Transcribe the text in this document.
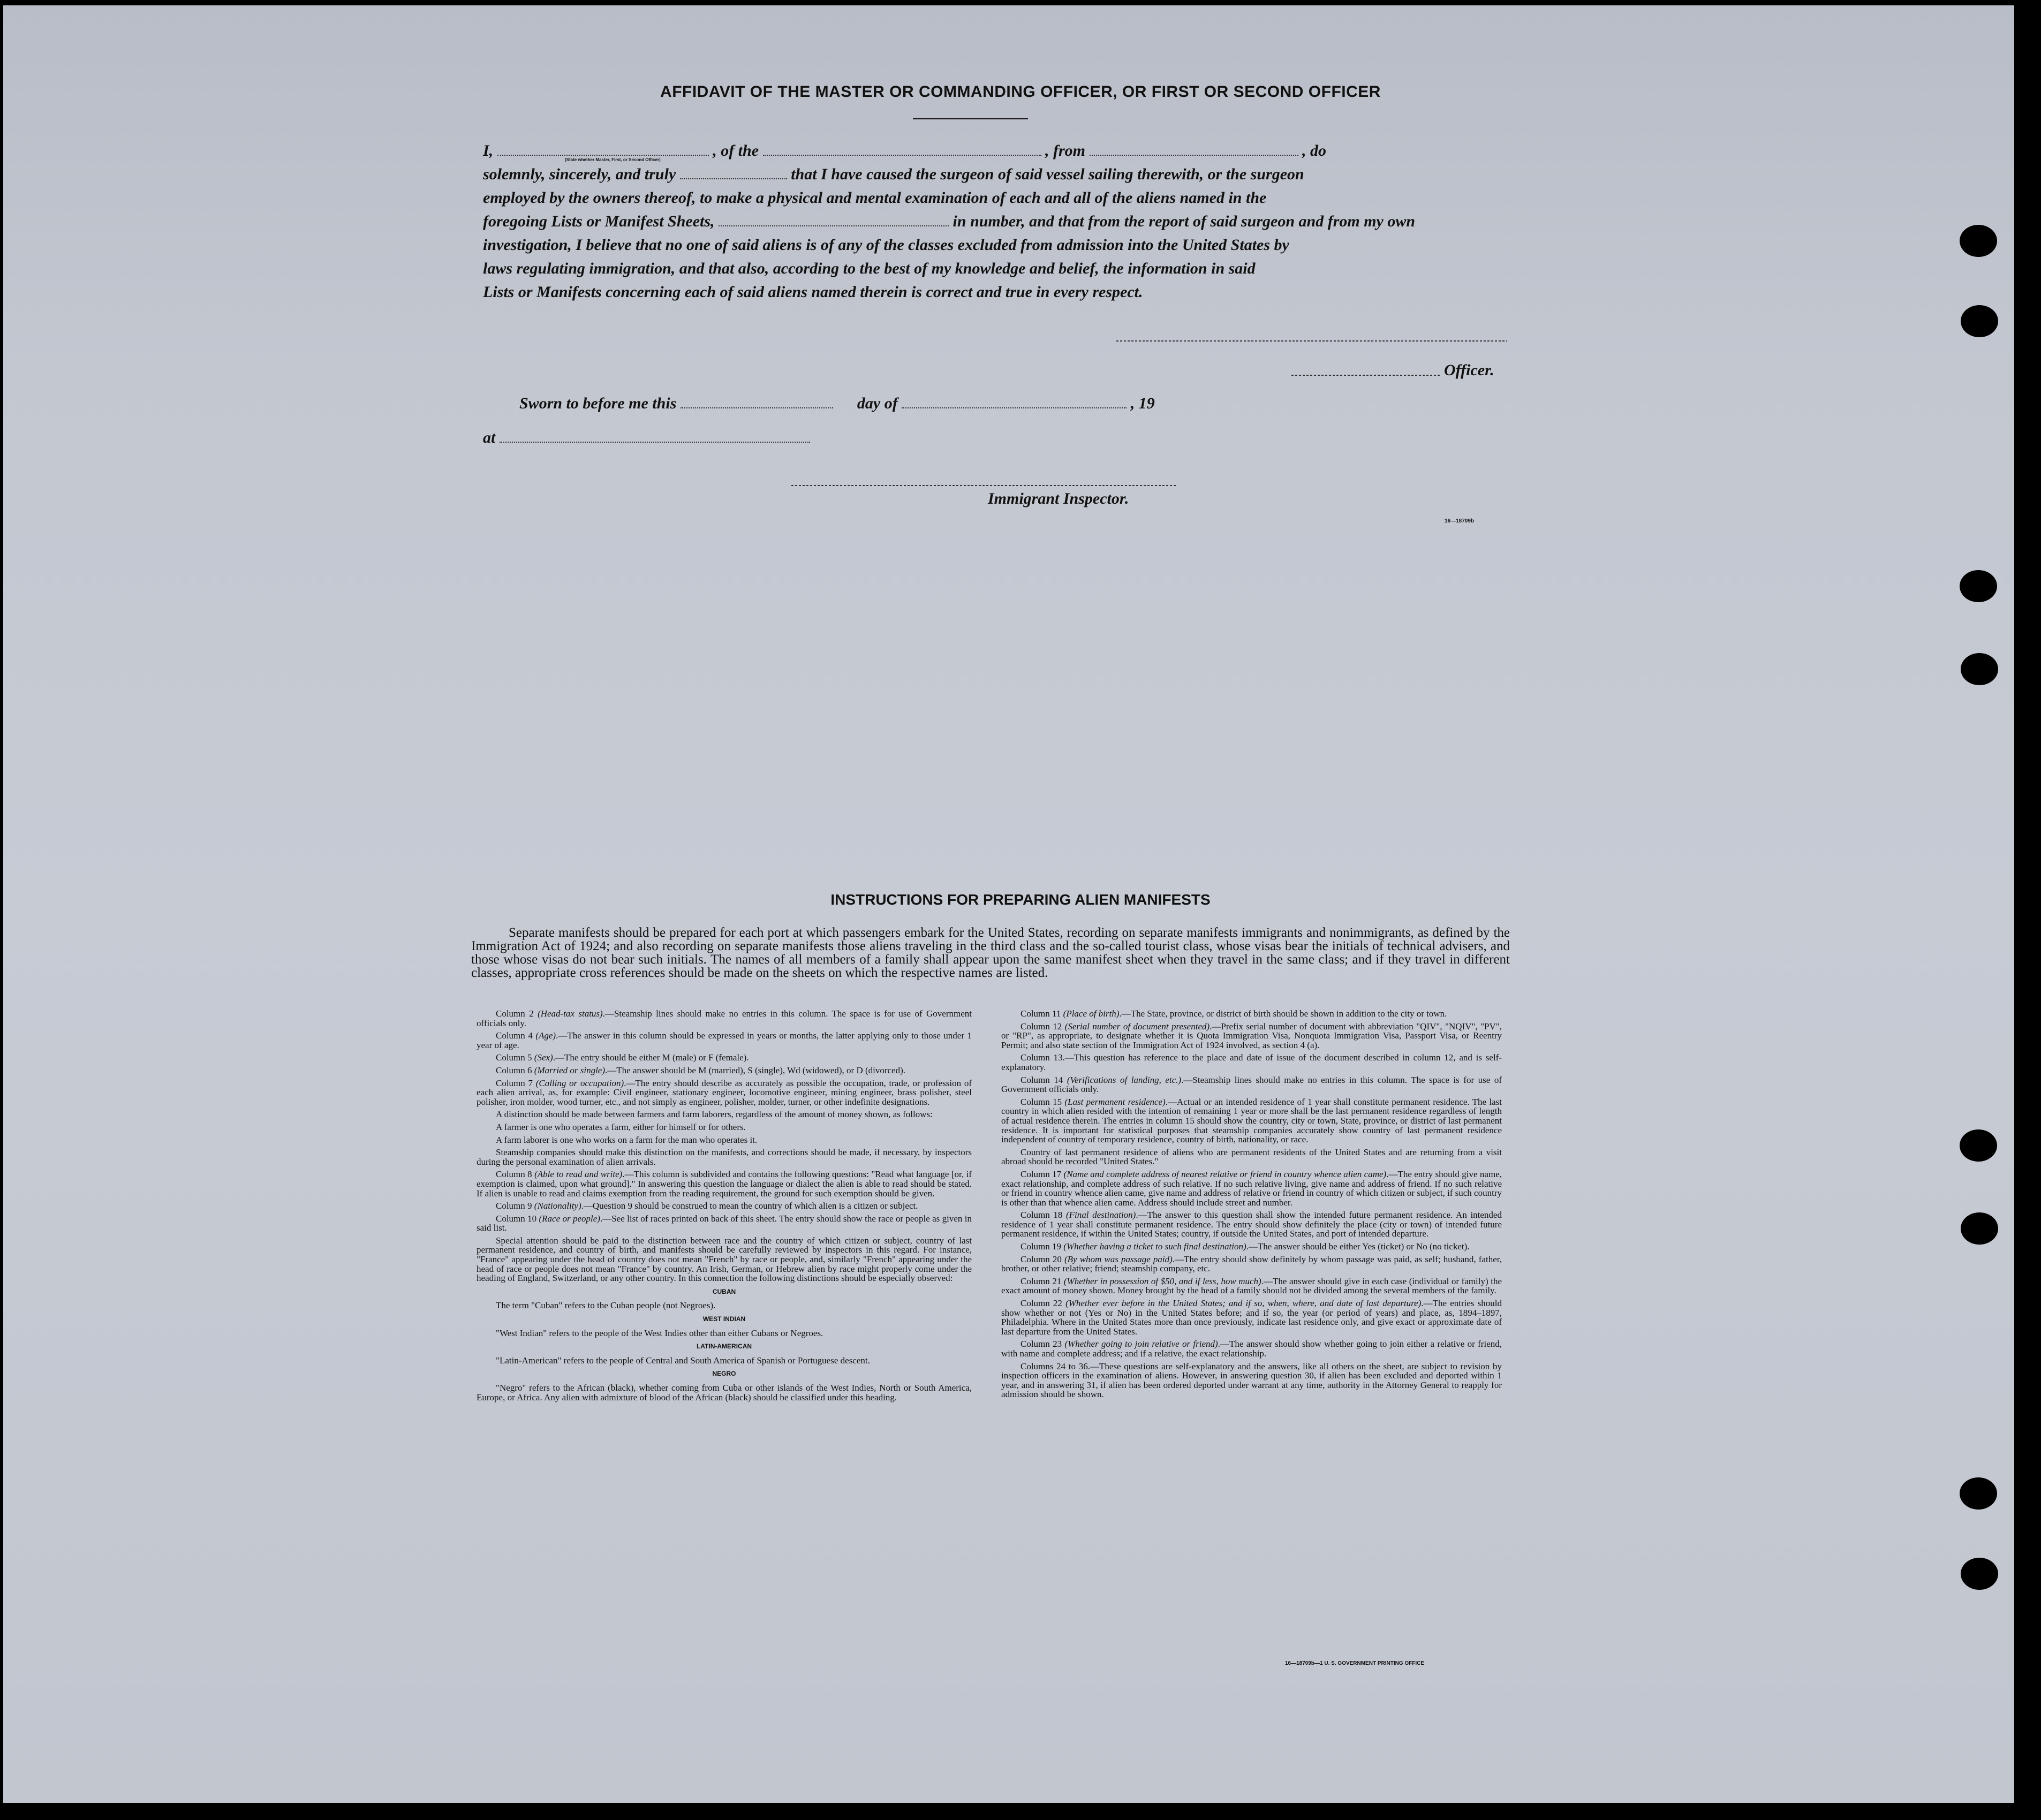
AFFIDAVIT OF THE MASTER OR COMMANDING OFFICER, OR FIRST OR SECOND OFFICER
I,	, of the	, from	, do
(State whether Master, First, or Second Officer)
solemnly, sincerely, and truly	that I have caused the surgeon of said vessel sailing therewith, or the surgeon
employed by the owners thereof, to make a physical and mental examination of each and all of the aliens named in the
foregoing Lists or Manifest Sheets,	in number, and that from the report of said surgeon and from my own
investigation, I believe that no one of said aliens is of any of the classes excluded from admission into the United States by
laws regulating immigration, and that also, according to the best of my knowledge and belief, the information in said
Lists or Manifests concerning each of said aliens named therein is correct and true in every respect.
Officer.
Sworn to before me this	day of	, 19
at
Immigrant Inspector.
16—18709b
INSTRUCTIONS FOR PREPARING ALIEN MANIFESTS
Separate manifests should be prepared for each port at which passengers embark for the United States, recording on separate manifests immigrants and nonimmigrants, as defined by the Immigration Act of 1924; and also recording on separate manifests those aliens traveling in the third class and the so-called tourist class, whose visas bear the initials of technical advisers, and those whose visas do not bear such initials. The names of all members of a family shall appear upon the same manifest sheet when they travel in the same class; and if they travel in different classes, appropriate cross references should be made on the sheets on which the respective names are listed.

Column 2 (Head-tax status).—Steamship lines should make no entries in this column. The space is for use of Government officials only.

Column 4 (Age).—The answer in this column should be expressed in years or months, the latter applying only to those under 1 year of age.

Column 5 (Sex).—The entry should be either M (male) or F (female).

Column 6 (Married or single).—The answer should be M (married), S (single), Wd (widowed), or D (divorced).

Column 7 (Calling or occupation).—The entry should describe as accurately as possible the occupation, trade, or profession of each alien arrival, as, for example: Civil engineer, stationary engineer, locomotive engineer, mining engineer, brass polisher, steel polisher, iron molder, wood turner, etc., and not simply as engineer, polisher, molder, turner, or other indefinite designations.

A distinction should be made between farmers and farm laborers, regardless of the amount of money shown, as follows:

A farmer is one who operates a farm, either for himself or for others.

A farm laborer is one who works on a farm for the man who operates it.

Steamship companies should make this distinction on the manifests, and corrections should be made, if necessary, by inspectors during the personal examination of alien arrivals.

Column 8 (Able to read and write).—This column is subdivided and contains the following questions: "Read what language [or, if exemption is claimed, upon what ground]." In answering this question the language or dialect the alien is able to read should be stated. If alien is unable to read and claims exemption from the reading requirement, the ground for such exemption should be given.

Column 9 (Nationality).—Question 9 should be construed to mean the country of which alien is a citizen or subject.

Column 10 (Race or people).—See list of races printed on back of this sheet. The entry should show the race or people as given in said list.

Special attention should be paid to the distinction between race and the country of which citizen or subject, country of last permanent residence, and country of birth, and manifests should be carefully reviewed by inspectors in this regard. For instance, "France" appearing under the head of country does not mean "French" by race or people, and, similarly "French" appearing under the head of race or people does not mean "France" by country. An Irish, German, or Hebrew alien by race might properly come under the heading of England, Switzerland, or any other country. In this connection the following distinctions should be especially observed:

CUBAN

The term "Cuban" refers to the Cuban people (not Negroes).

WEST INDIAN

"West Indian" refers to the people of the West Indies other than either Cubans or Negroes.

LATIN-AMERICAN

"Latin-American" refers to the people of Central and South America of Spanish or Portuguese descent.

NEGRO

"Negro" refers to the African (black), whether coming from Cuba or other islands of the West Indies, North or South America, Europe, or Africa. Any alien with admixture of blood of the African (black) should be classified under this heading.

Column 11 (Place of birth).—The State, province, or district of birth should be shown in addition to the city or town.

Column 12 (Serial number of document presented).—Prefix serial number of document with abbreviation "QIV", "NQIV", "PV", or "RP", as appropriate, to designate whether it is Quota Immigration Visa, Nonquota Immigration Visa, Passport Visa, or Reentry Permit; and also state section of the Immigration Act of 1924 involved, as section 4 (a).

Column 13.—This question has reference to the place and date of issue of the document described in column 12, and is self-explanatory.

Column 14 (Verifications of landing, etc.).—Steamship lines should make no entries in this column. The space is for use of Government officials only.

Column 15 (Last permanent residence).—Actual or an intended residence of 1 year shall constitute permanent residence. The last country in which alien resided with the intention of remaining 1 year or more shall be the last permanent residence regardless of length of actual residence therein. The entries in column 15 should show the country, city or town, State, province, or district of last permanent residence. It is important for statistical purposes that steamship companies accurately show country of last permanent residence independent of country of temporary residence, country of birth, nationality, or race.

Country of last permanent residence of aliens who are permanent residents of the United States and are returning from a visit abroad should be recorded "United States."

Column 17 (Name and complete address of nearest relative or friend in country whence alien came).—The entry should give name, exact relationship, and complete address of such relative. If no such relative living, give name and address of friend. If no such relative or friend in country whence alien came, give name and address of relative or friend in country of which citizen or subject, if such country is other than that whence alien came. Address should include street and number.

Column 18 (Final destination).—The answer to this question shall show the intended future permanent residence. An intended residence of 1 year shall constitute permanent residence. The entry should show definitely the place (city or town) of intended future permanent residence, if within the United States; country, if outside the United States, and port of intended departure.

Column 19 (Whether having a ticket to such final destination).—The answer should be either Yes (ticket) or No (no ticket).

Column 20 (By whom was passage paid).—The entry should show definitely by whom passage was paid, as self; husband, father, brother, or other relative; friend; steamship company, etc.

Column 21 (Whether in possession of $50, and if less, how much).—The answer should give in each case (individual or family) the exact amount of money shown. Money brought by the head of a family should not be divided among the several members of the family.

Column 22 (Whether ever before in the United States; and if so, when, where, and date of last departure).—The entries should show whether or not (Yes or No) in the United States before; and if so, the year (or period of years) and place, as, 1894–1897, Philadelphia. Where in the United States more than once previously, indicate last residence only, and give exact or approximate date of last departure from the United States.

Column 23 (Whether going to join relative or friend).—The answer should show whether going to join either a relative or friend, with name and complete address; and if a relative, the exact relationship.

Columns 24 to 36.—These questions are self-explanatory and the answers, like all others on the sheet, are subject to revision by inspection officers in the examination of aliens. However, in answering question 30, if alien has been excluded and deported within 1 year, and in answering 31, if alien has been ordered deported under warrant at any time, authority in the Attorney General to reapply for admission should be shown.

16—18709b—1 U. S. GOVERNMENT PRINTING OFFICE
